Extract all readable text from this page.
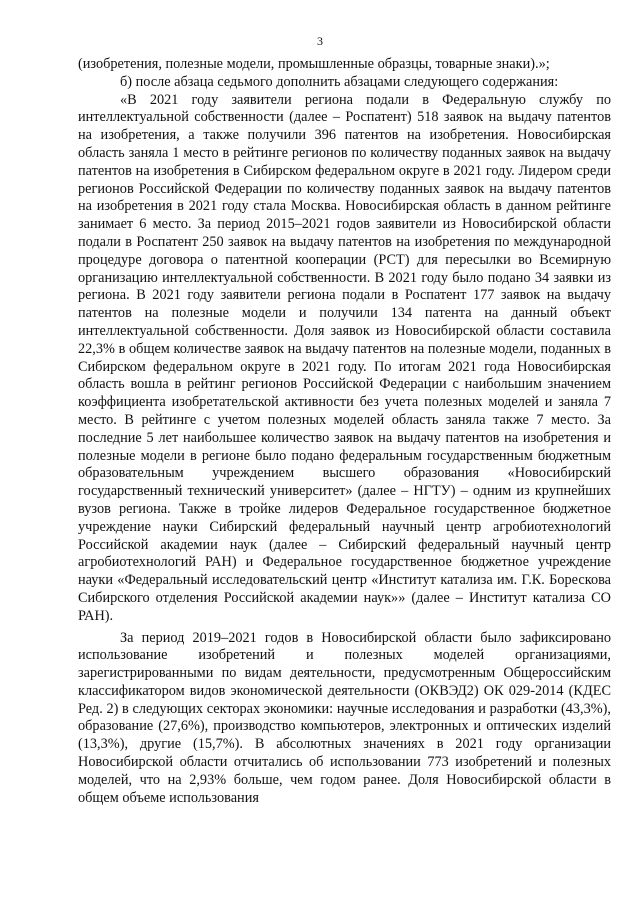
3

(изобретения, полезные модели, промышленные образцы, товарные знаки).»;

б) после абзаца седьмого дополнить абзацами следующего содержания:

«В 2021 году заявители региона подали в Федеральную службу по интеллектуальной собственности (далее – Роспатент) 518 заявок на выдачу патентов на изобретения, а также получили 396 патентов на изобретения. Новосибирская область заняла 1 место в рейтинге регионов по количеству поданных заявок на выдачу патентов на изобретения в Сибирском федеральном округе в 2021 году. Лидером среди регионов Российской Федерации по количеству поданных заявок на выдачу патентов на изобретения в 2021 году стала Москва. Новосибирская область в данном рейтинге занимает 6 место. За период 2015–2021 годов заявители из Новосибирской области подали в Роспатент 250 заявок на выдачу патентов на изобретения по международной процедуре договора о патентной кооперации (РСТ) для пересылки во Всемирную организацию интеллектуальной собственности. В 2021 году было подано 34 заявки из региона. В 2021 году заявители региона подали в Роспатент 177 заявок на выдачу патентов на полезные модели и получили 134 патента на данный объект интеллектуальной собственности. Доля заявок из Новосибирской области составила 22,3% в общем количестве заявок на выдачу патентов на полезные модели, поданных в Сибирском федеральном округе в 2021 году. По итогам 2021 года Новосибирская область вошла в рейтинг регионов Российской Федерации с наибольшим значением коэффициента изобретательской активности без учета полезных моделей и заняла 7 место. В рейтинге с учетом полезных моделей область заняла также 7 место. За последние 5 лет наибольшее количество заявок на выдачу патентов на изобретения и полезные модели в регионе было подано федеральным государственным бюджетным образовательным учреждением высшего образования «Новосибирский государственный технический университет» (далее – НГТУ) – одним из крупнейших вузов региона. Также в тройке лидеров Федеральное государственное бюджетное учреждение науки Сибирский федеральный научный центр агробиотехнологий Российской академии наук (далее – Сибирский федеральный научный центр агробиотехнологий РАН) и Федеральное государственное бюджетное учреждение науки «Федеральный исследовательский центр «Институт катализа им. Г.К. Борескова Сибирского отделения Российской академии наук»» (далее – Институт катализа СО РАН).

За период 2019–2021 годов в Новосибирской области было зафиксировано использование изобретений и полезных моделей организациями, зарегистрированными по видам деятельности, предусмотренным Общероссийским классификатором видов экономической деятельности (ОКВЭД2) ОК 029-2014 (КДЕС Ред. 2) в следующих секторах экономики: научные исследования и разработки (43,3%), образование (27,6%), производство компьютеров, электронных и оптических изделий (13,3%), другие (15,7%). В абсолютных значениях в 2021 году организации Новосибирской области отчитались об использовании 773 изобретений и полезных моделей, что на 2,93% больше, чем годом ранее. Доля Новосибирской области в общем объеме использования
